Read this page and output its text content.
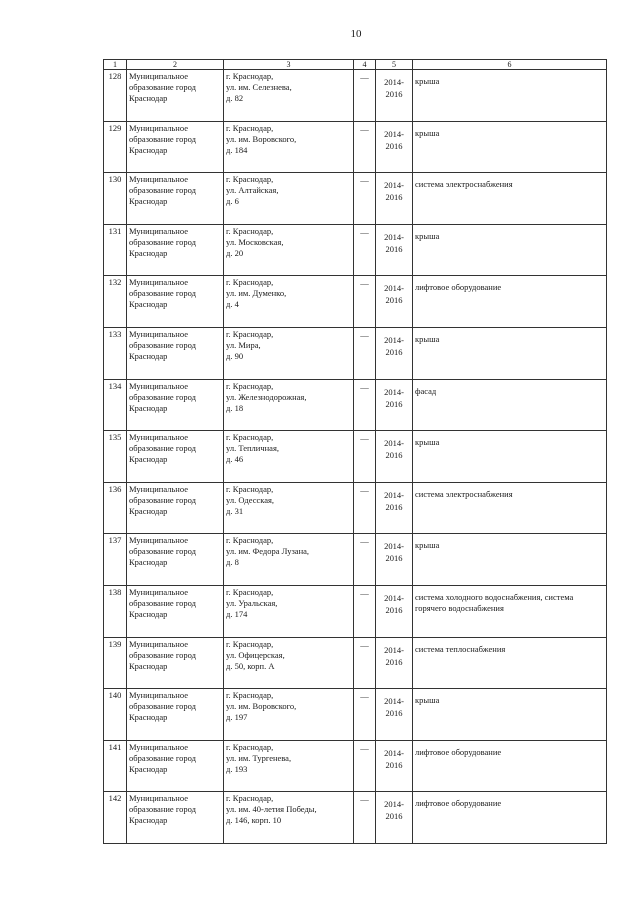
10
1	2	3	4	5	6
128	Муниципальное
образование город
Краснодар	г. Краснодар,
ул. им. Селезнева,
д. 82	—	2014-
2016	крыша
129	Муниципальное
образование город
Краснодар	г. Краснодар,
ул. им. Воровского,
д. 184	—	2014-
2016	крыша
130	Муниципальное
образование город
Краснодар	г. Краснодар,
ул. Алтайская,
д. 6	—	2014-
2016	система электроснабжения
131	Муниципальное
образование город
Краснодар	г. Краснодар,
ул. Московская,
д. 20	—	2014-
2016	крыша
132	Муниципальное
образование город
Краснодар	г. Краснодар,
ул. им. Думенко,
д. 4	—	2014-
2016	лифтовое оборудование
133	Муниципальное
образование город
Краснодар	г. Краснодар,
ул. Мира,
д. 90	—	2014-
2016	крыша
134	Муниципальное
образование город
Краснодар	г. Краснодар,
ул. Железнодорожная,
д. 18	—	2014-
2016	фасад
135	Муниципальное
образование город
Краснодар	г. Краснодар,
ул. Тепличная,
д. 46	—	2014-
2016	крыша
136	Муниципальное
образование город
Краснодар	г. Краснодар,
ул. Одесская,
д. 31	—	2014-
2016	система электроснабжения
137	Муниципальное
образование город
Краснодар	г. Краснодар,
ул. им. Федора Лузана,
д. 8	—	2014-
2016	крыша
138	Муниципальное
образование город
Краснодар	г. Краснодар,
ул. Уральская,
д. 174	—	2014-
2016	система холодного водоснабжения, система горячего водоснабжения
139	Муниципальное
образование город
Краснодар	г. Краснодар,
ул. Офицерская,
д. 50, корп. А	—	2014-
2016	система теплоснабжения
140	Муниципальное
образование город
Краснодар	г. Краснодар,
ул. им. Воровского,
д. 197	—	2014-
2016	крыша
141	Муниципальное
образование город
Краснодар	г. Краснодар,
ул. им. Тургенева,
д. 193	—	2014-
2016	лифтовое оборудование
142	Муниципальное
образование город
Краснодар	г. Краснодар,
ул. им. 40-летия Победы,
д. 146, корп. 10	—	2014-
2016	лифтовое оборудование
